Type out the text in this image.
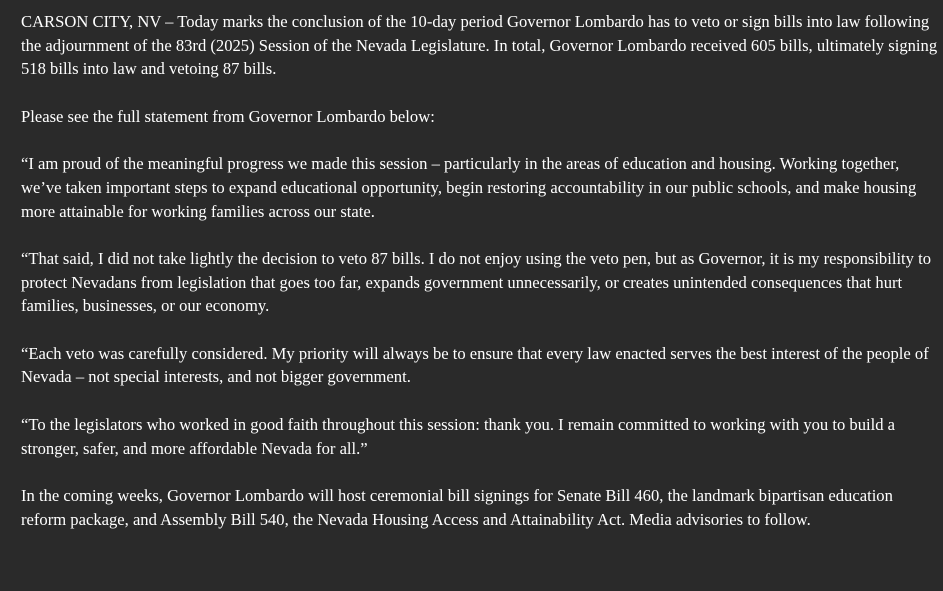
CARSON CITY, NV – Today marks the conclusion of the 10-day period Governor Lombardo has to veto or sign bills into law following the adjournment of the 83rd (2025) Session of the Nevada Legislature. In total, Governor Lombardo received 605 bills, ultimately signing 518 bills into law and vetoing 87 bills.

Please see the full statement from Governor Lombardo below:

“I am proud of the meaningful progress we made this session – particularly in the areas of education and housing. Working together, we’ve taken important steps to expand educational opportunity, begin restoring accountability in our public schools, and make housing more attainable for working families across our state.

“That said, I did not take lightly the decision to veto 87 bills. I do not enjoy using the veto pen, but as Governor, it is my responsibility to protect Nevadans from legislation that goes too far, expands government unnecessarily, or creates unintended consequences that hurt families, businesses, or our economy.

“Each veto was carefully considered. My priority will always be to ensure that every law enacted serves the best interest of the people of Nevada – not special interests, and not bigger government.

“To the legislators who worked in good faith throughout this session: thank you. I remain committed to working with you to build a stronger, safer, and more affordable Nevada for all.”

In the coming weeks, Governor Lombardo will host ceremonial bill signings for Senate Bill 460, the landmark bipartisan education reform package, and Assembly Bill 540, the Nevada Housing Access and Attainability Act. Media advisories to follow.
